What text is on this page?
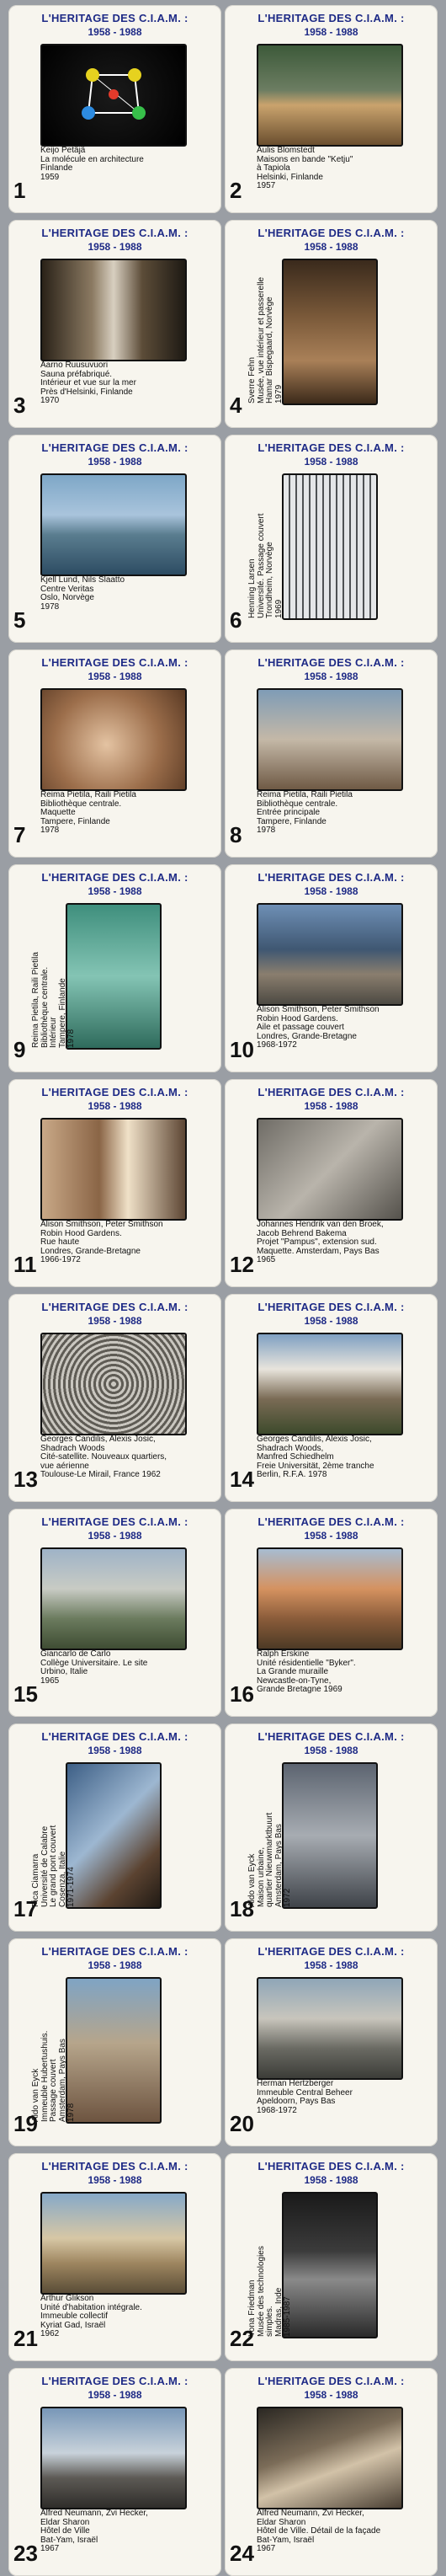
L'HERITAGE DES C.I.A.M. :
1958 - 1988
Keijo Petäjä
La molécule en architecture
Finlande
1959
1
L'HERITAGE DES C.I.A.M. :
1958 - 1988
Aulis Blomstedt
Maisons en bande "Ketju"
à Tapiola
Helsinki, Finlande
1957
2
L'HERITAGE DES C.I.A.M. :
1958 - 1988
Aarno Ruusuvuori
Sauna préfabriqué.
Intérieur et vue sur la mer
Près d'Helsinki, Finlande
1970
3
L'HERITAGE DES C.I.A.M. :
1958 - 1988
Sverre Fehn Musée, vue intérieur et passerelle Hamar Bispegaard, Norvège 1979
4
L'HERITAGE DES C.I.A.M. :
1958 - 1988
Kjell Lund, Nils Slaatto
Centre Veritas
Oslo, Norvège
1978
5
L'HERITAGE DES C.I.A.M. :
1958 - 1988
Henning Larsen Université. Passage couvert Trondheim, Norvège 1969
6
L'HERITAGE DES C.I.A.M. :
1958 - 1988
Reima Pietila, Raili Pietila
Bibliothèque centrale.
Maquette
Tampere, Finlande
1978
7
L'HERITAGE DES C.I.A.M. :
1958 - 1988
Reima Pietila, Raili Pietila
Bibliothèque centrale.
Entrée principale
Tampere, Finlande
1978
8
L'HERITAGE DES C.I.A.M. :
1958 - 1988
Reima Pietila, Raili Pietila Bibliothèque centrale. Intérieur Tampere, Finlande 1978
9
L'HERITAGE DES C.I.A.M. :
1958 - 1988
Alison Smithson, Peter Smithson
Robin Hood Gardens.
Aile et passage couvert
Londres, Grande-Bretagne
1968-1972
10
L'HERITAGE DES C.I.A.M. :
1958 - 1988
Alison Smithson, Peter Smithson
Robin Hood Gardens.
Rue haute
Londres, Grande-Bretagne
1966-1972
11
L'HERITAGE DES C.I.A.M. :
1958 - 1988
Johannes Hendrik van den Broek,
Jacob Behrend Bakema
Projet "Pampus", extension sud.
Maquette. Amsterdam, Pays Bas
1965
12
L'HERITAGE DES C.I.A.M. :
1958 - 1988
Georges Candilis, Alexis Josic,
Shadrach Woods
Cité-satellite. Nouveaux quartiers,
vue aérienne
Toulouse-Le Mirail, France 1962
13
L'HERITAGE DES C.I.A.M. :
1958 - 1988
Georges Candilis, Alexis Josic,
Shadrach Woods,
Manfred Schiedhelm
Freie Universität, 2ème tranche
Berlin, R.F.A. 1978
14
L'HERITAGE DES C.I.A.M. :
1958 - 1988
Giancarlo de Carlo
Collège Universitaire. Le site
Urbino, Italie
1965
15
L'HERITAGE DES C.I.A.M. :
1958 - 1988
Ralph Erskine
Unité résidentielle "Byker".
La Grande muraille
Newcastle-on-Tyne,
Grande Bretagne 1969
16
L'HERITAGE DES C.I.A.M. :
1958 - 1988
Pica Ciamarra Université de Calabre Le grand pont couvert Cosenza, Italie 1971-1974
17
L'HERITAGE DES C.I.A.M. :
1958 - 1988
Aldo van Eyck Maison urbaine, quartier Nieuwmarktbuurt Amsterdam, Pays Bas 1972
18
L'HERITAGE DES C.I.A.M. :
1958 - 1988
Aldo van Eyck Immeuble Hubertushuis. Passage couvert Amsterdam, Pays Bas 1978
19
L'HERITAGE DES C.I.A.M. :
1958 - 1988
Herman Hertzberger
Immeuble Central Beheer
Apeldoorn, Pays Bas
1968-1972
20
L'HERITAGE DES C.I.A.M. :
1958 - 1988
Arthur Glikson
Unité d'habitation intégrale.
Immeuble collectif
Kyriat Gad, Israël
1962
21
L'HERITAGE DES C.I.A.M. :
1958 - 1988
Yona Friedman Musée des technologies simples. Madras, Inde 1985-1987
22
L'HERITAGE DES C.I.A.M. :
1958 - 1988
Alfred Neumann, Zvi Hecker,
Eldar Sharon
Hôtel de Ville
Bat-Yam, Israël
1967
23
L'HERITAGE DES C.I.A.M. :
1958 - 1988
Alfred Neumann, Zvi Hecker,
Eldar Sharon
Hôtel de Ville. Détail de la façade
Bat-Yam, Israël
1967
24
